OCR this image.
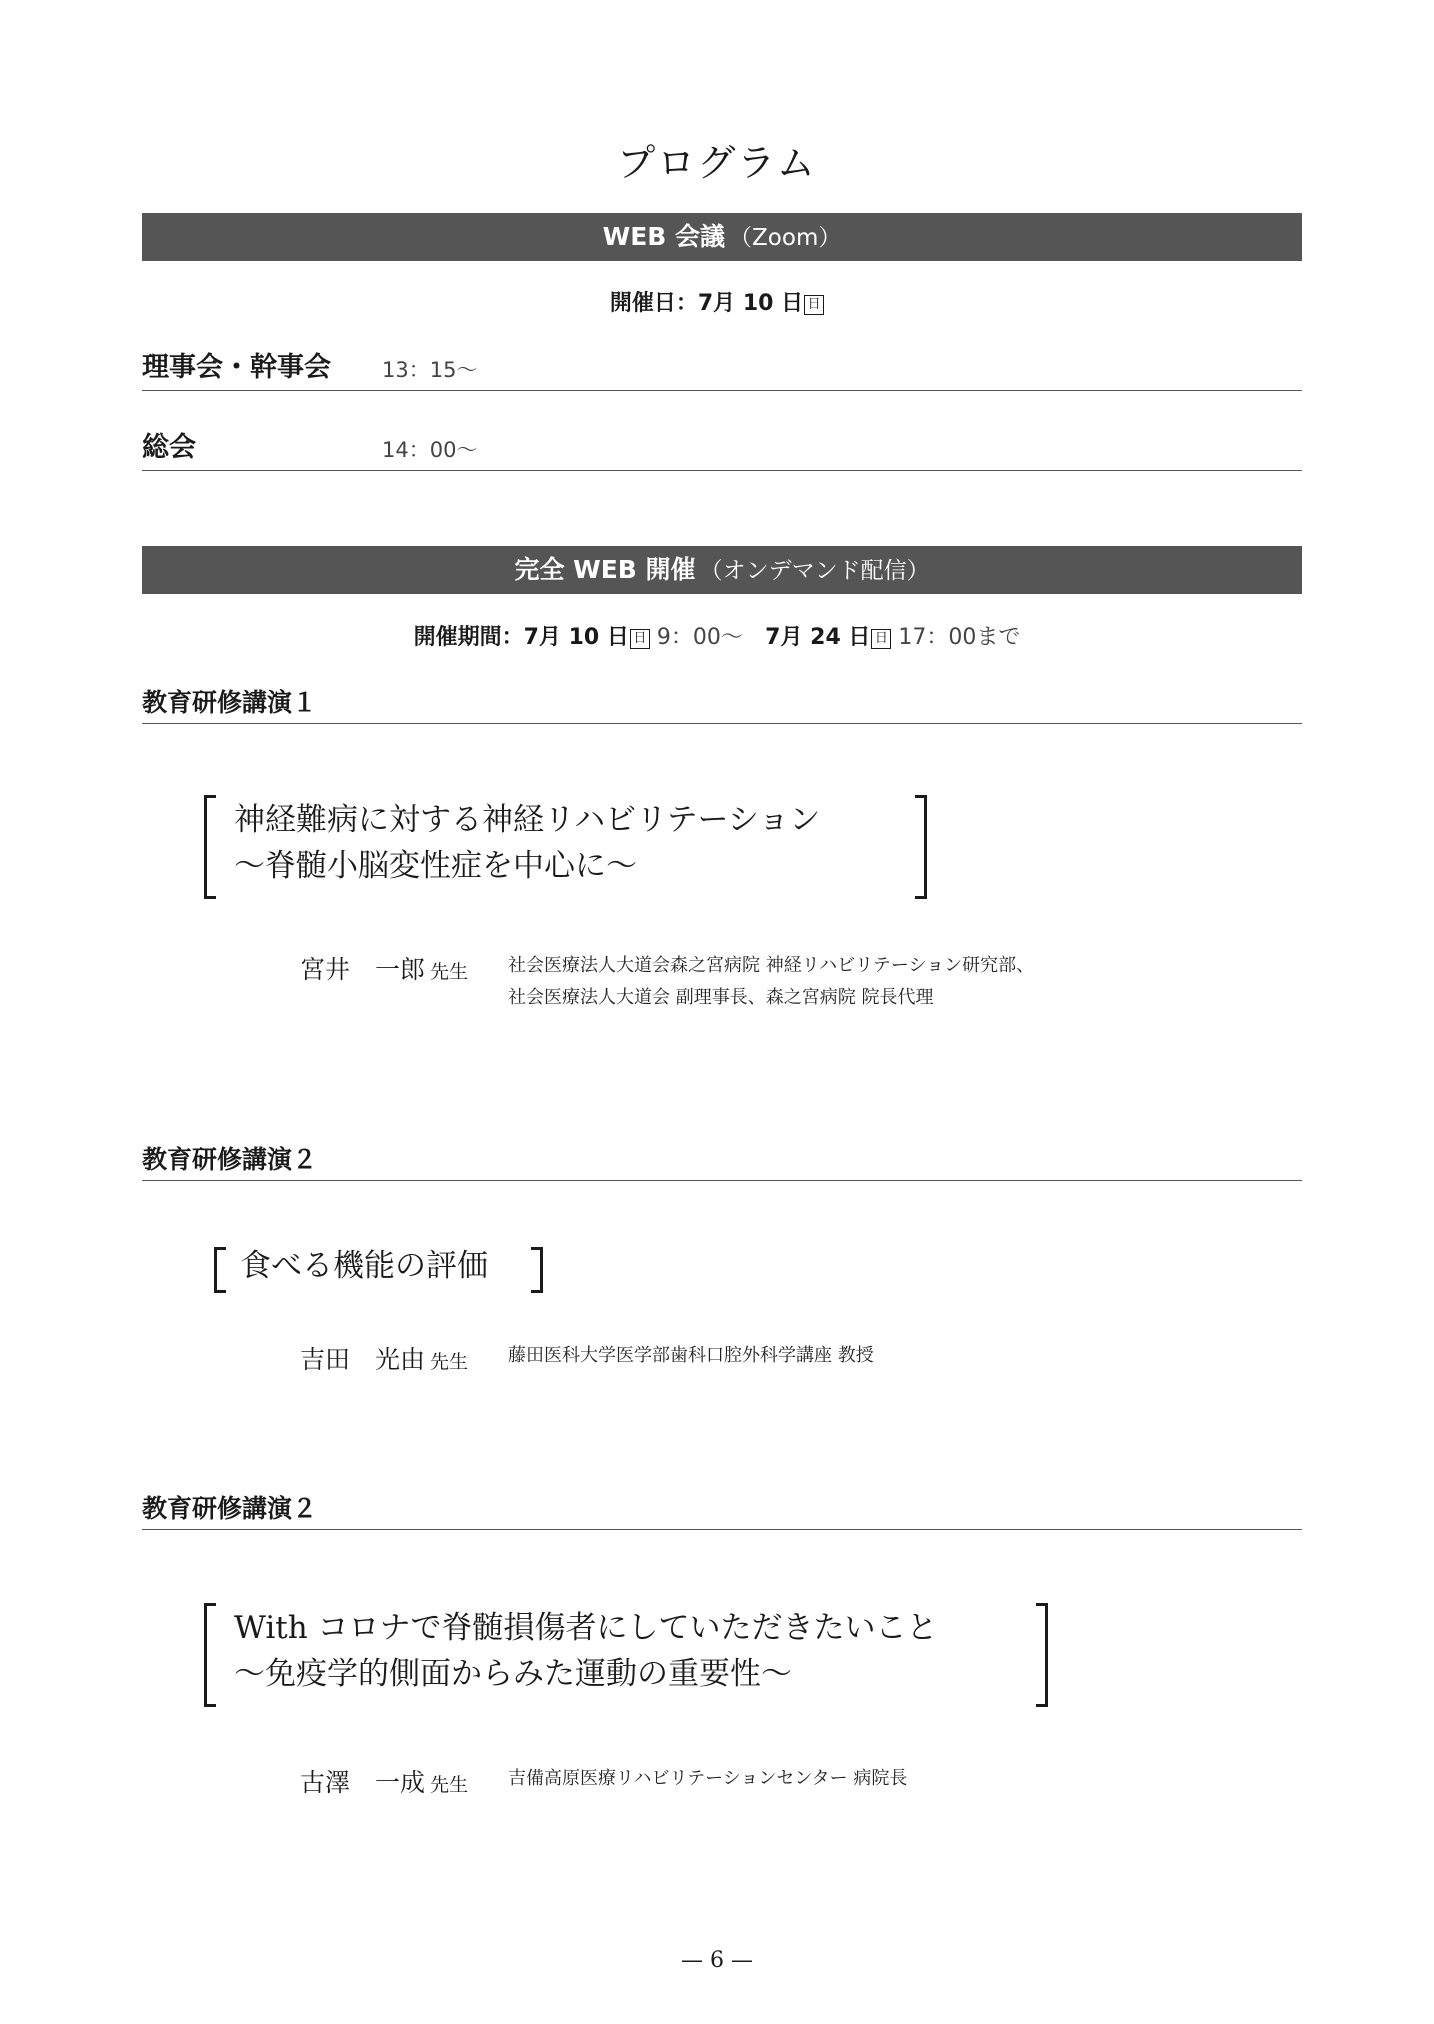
プログラム
WEB 会議 （Zoom）
開催日：7月 10 日 日
理事会・幹事会 13：15〜
総会	14：00〜
完全 WEB 開催 （オンデマンド配信）
開催期間：7月 10 日 日 9：00〜   7月 24 日 日 17：00まで
教育研修講演１
神経難病に対する神経リハビリテーション
〜脊髄小脳変性症を中心に〜
宮井　一郎 先生 社会医療法人大道会森之宮病院 神経リハビリテーション研究部、
社会医療法人大道会 副理事長、森之宮病院 院長代理
教育研修講演２
食べる機能の評価
吉田　光由 先生 藤田医科大学医学部歯科口腔外科学講座 教授
教育研修講演２
With コロナで脊髄損傷者にしていただきたいこと
〜免疫学的側面からみた運動の重要性〜
古澤　一成 先生 吉備高原医療リハビリテーションセンター 病院長
— 6 —
